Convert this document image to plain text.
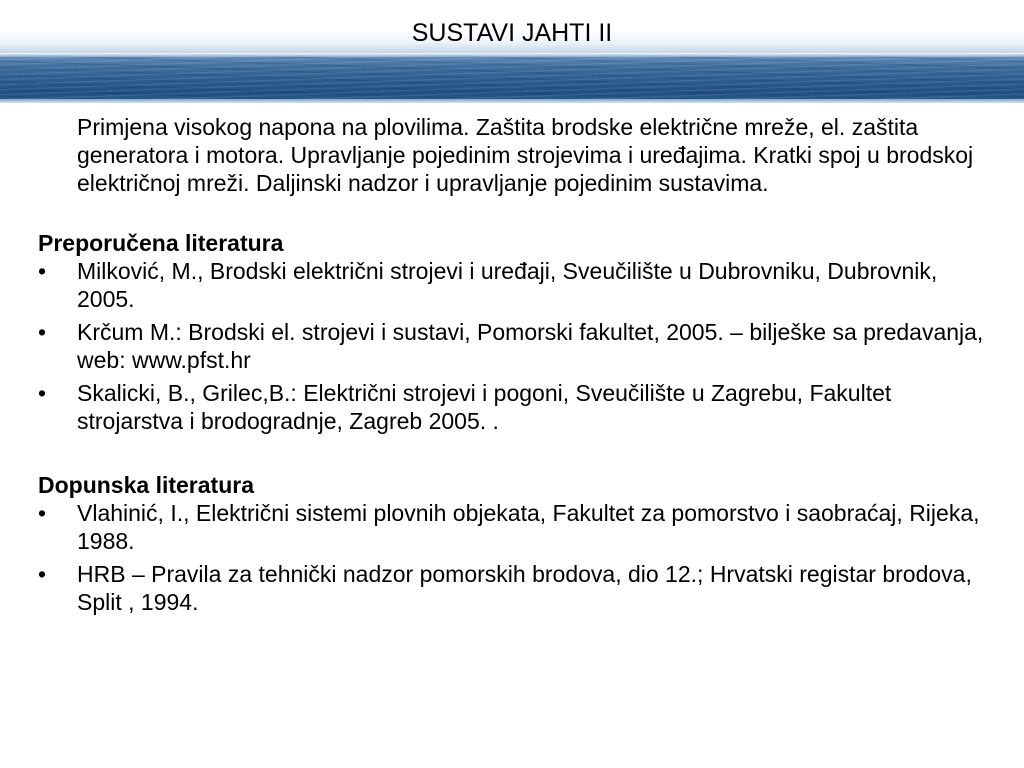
SUSTAVI JAHTI II

Primjena visokog napona na plovilima. Zaštita brodske električne mreže, el. zaštita generatora i motora. Upravljanje pojedinim strojevima i uređajima. Kratki spoj u brodskoj električnoj mreži. Daljinski nadzor i upravljanje pojedinim sustavima.

Preporučena literatura
•	Milković, M., Brodski električni strojevi i uređaji, Sveučilište u Dubrovniku, Dubrovnik, 2005.
•	Krčum M.: Brodski el. strojevi i sustavi, Pomorski fakultet, 2005. – bilješke sa predavanja, web: www.pfst.hr
•	Skalicki, B., Grilec,B.: Električni strojevi i pogoni, Sveučilište u Zagrebu, Fakultet strojarstva i brodogradnje, Zagreb 2005. .
Dopunska literatura
•	Vlahinić, I., Električni sistemi plovnih objekata, Fakultet za pomorstvo i saobraćaj, Rijeka, 1988.
•	HRB – Pravila za tehnički nadzor pomorskih brodova, dio 12.; Hrvatski registar brodova, Split , 1994.
